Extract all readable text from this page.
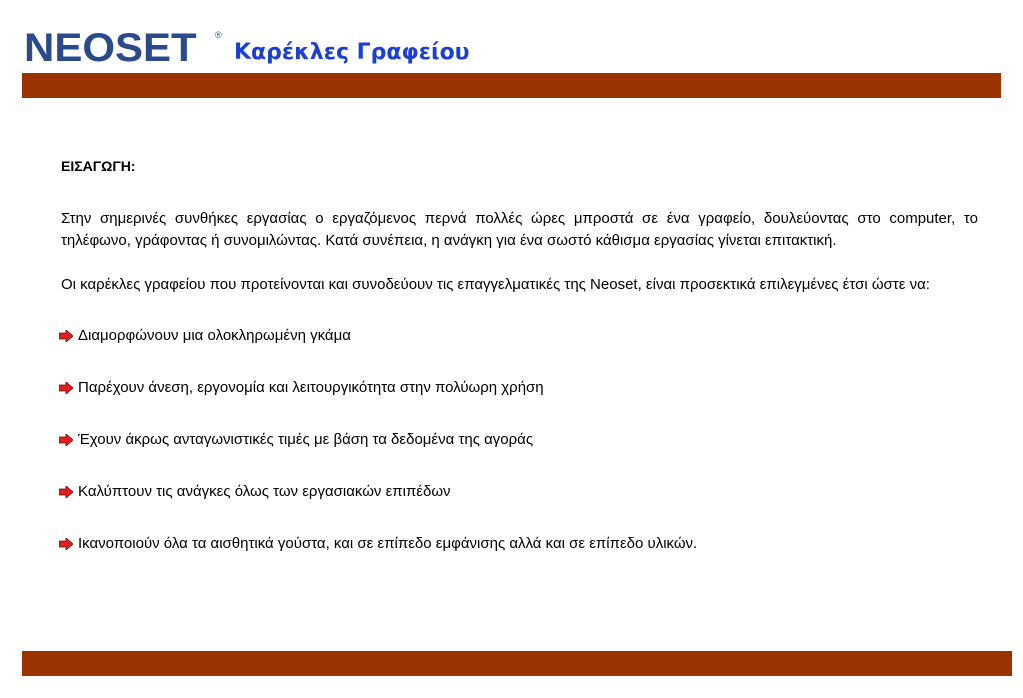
NEOSET ®
Καρέκλες Γραφείου

ΕΙΣΑΓΩΓΗ:

Στην σημερινές συνθήκες εργασίας ο εργαζόμενος περνά πολλές ώρες μπροστά σε ένα γραφείο, δουλεύοντας στο computer, το τηλέφωνο, γράφοντας ή συνομιλώντας. Κατά συνέπεια, η ανάγκη για ένα σωστό κάθισμα εργασίας γίνεται επιτακτική.

Οι καρέκλες γραφείου που προτείνονται και συνοδεύουν τις επαγγελματικές της Neoset, είναι προσεκτικά επιλεγμένες έτσι ώστε να:

Διαμορφώνουν μια ολοκληρωμένη γκάμα
Παρέχουν άνεση, εργονομία και λειτουργικότητα στην πολύωρη χρήση
Έχουν άκρως ανταγωνιστικές τιμές με βάση τα δεδομένα της αγοράς
Καλύπτουν τις ανάγκες όλως των εργασιακών επιπέδων
Ικανοποιούν όλα τα αισθητικά γούστα, και σε επίπεδο εμφάνισης αλλά και σε επίπεδο υλικών.
